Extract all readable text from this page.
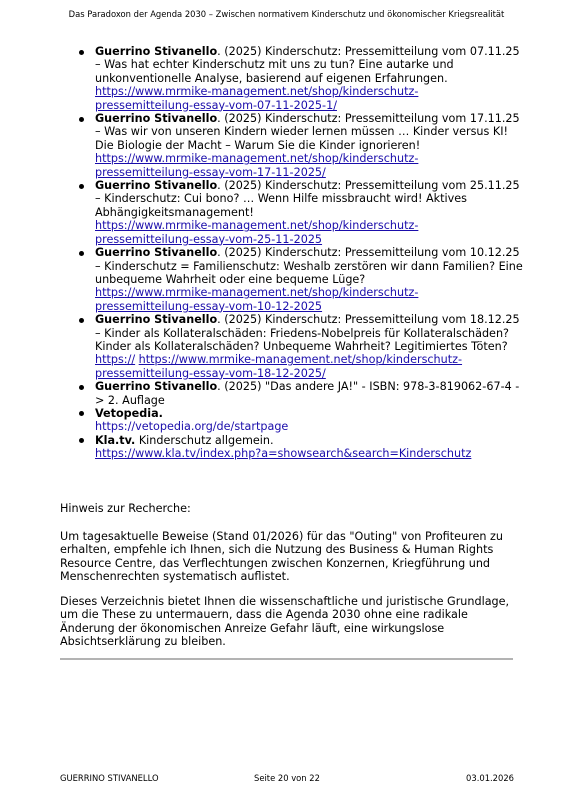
Das Paradoxon der Agenda 2030 – Zwischen normativem Kinderschutz und ökonomischer Kriegsrealität
Guerrino Stivanello. (2025) Kinderschutz: Pressemitteilung vom 07.11.25 – Was hat echter Kinderschutz mit uns zu tun? Eine autarke und unkonventionelle Analyse, basierend auf eigenen Erfahrungen.
https://www.mrmike-management.net/shop/kinderschutz-
pressemitteilung-essay-vom-07-11-2025-1/
Guerrino Stivanello. (2025) Kinderschutz: Pressemitteilung vom 17.11.25 – Was wir von unseren Kindern wieder lernen müssen … Kinder versus KI! Die Biologie der Macht – Warum Sie die Kinder ignorieren!
https://www.mrmike-management.net/shop/kinderschutz-
pressemitteilung-essay-vom-17-11-2025/
Guerrino Stivanello. (2025) Kinderschutz: Pressemitteilung vom 25.11.25 – Kinderschutz: Cui bono? … Wenn Hilfe missbraucht wird! Aktives Abhängigkeitsmanagement!
https://www.mrmike-management.net/shop/kinderschutz-
pressemitteilung-essay-vom-25-11-2025
Guerrino Stivanello. (2025) Kinderschutz: Pressemitteilung vom 10.12.25 – Kinderschutz = Familienschutz: Weshalb zerstören wir dann Familien? Eine unbequeme Wahrheit oder eine bequeme Lüge?
https://www.mrmike-management.net/shop/kinderschutz-
pressemitteilung-essay-vom-10-12-2025
Guerrino Stivanello. (2025) Kinderschutz: Pressemitteilung vom 18.12.25 – Kinder als Kollateralschäden: Friedens-Nobelpreis für Kollateralschäden? Kinder als Kollateralschäden? Unbequeme Wahrheit? Legitimiertes Töten?
https:// https://www.mrmike-management.net/shop/kinderschutz-
pressemitteilung-essay-vom-18-12-2025/
Guerrino Stivanello. (2025) "Das andere JA!" - ISBN: 978-3-819062-67-4 -> 2. Auflage
Vetopedia.
https://vetopedia.org/de/startpage
Kla.tv. Kinderschutz allgemein.
https://www.kla.tv/index.php?a=showsearch&search=Kinderschutz

Hinweis zur Recherche:

Um tagesaktuelle Beweise (Stand 01/2026) für das "Outing" von Profiteuren zu erhalten, empfehle ich Ihnen, sich die Nutzung des Business & Human Rights Resource Centre, das Verflechtungen zwischen Konzernen, Kriegführung und Menschenrechten systematisch auflistet.

Dieses Verzeichnis bietet Ihnen die wissenschaftliche und juristische Grundlage, um die These zu untermauern, dass die Agenda 2030 ohne eine radikale Änderung der ökonomischen Anreize Gefahr läuft, eine wirkungslose Absichtserklärung zu bleiben.

GUERRINO STIVANELLO	Seite 20 von 22	03.01.2026
